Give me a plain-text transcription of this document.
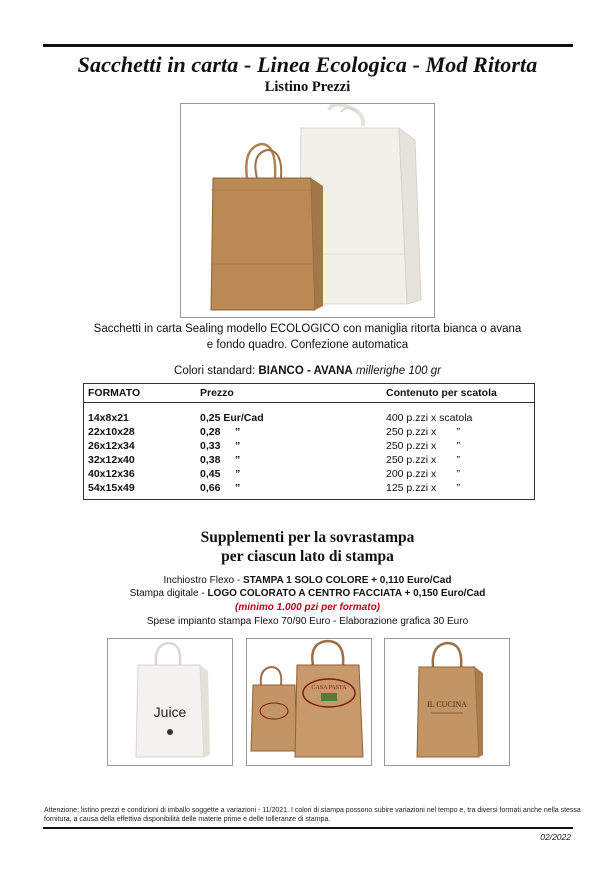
Sacchetti in carta - Linea Ecologica - Mod Ritorta
Listino Prezzi
Sacchetti in carta Sealing modello ECOLOGICO con maniglia ritorta bianca o avana
e fondo quadro. Confezione automatica
Colori standard: BIANCO - AVANA millerighe 100 gr
FORMATO	Prezzo	Contenuto per scatola
14x8x21	0,25 Eur/Cad	400 p.zzi x scatola
22x10x28	0,28     ”	250 p.zzi x       ”
26x12x34	0,33     ”	250 p.zzi x       ”
32x12x40	0,38     ”	250 p.zzi x       ”
40x12x36	0,45     ”	200 p.zzi x       ”
54x15x49	0,66     ”	125 p.zzi x       ”
Supplementi per la sovrastampa
per ciascun lato di stampa
Inchiostro Flexo - STAMPA 1 SOLO COLORE + 0,110 Euro/Cad
Stampa digitale - LOGO COLORATO A CENTRO FACCIATA + 0,150 Euro/Cad
(minimo 1.000 pzi per formato)
Spese impianto stampa Flexo 70/90 Euro - Elaborazione grafica 30 Euro
Juice
CASA PASTA
IL CUCINA
Attenzione: listino prezzi e condizioni di imballo soggette a variazioni - 11/2021. I colori di stampa possono subire variazioni nel tempo e, tra diversi formati anche nella stessa fornitura, a causa della effettiva disponibilità delle materie prime e delle tolleranze di stampa.
02/2022
